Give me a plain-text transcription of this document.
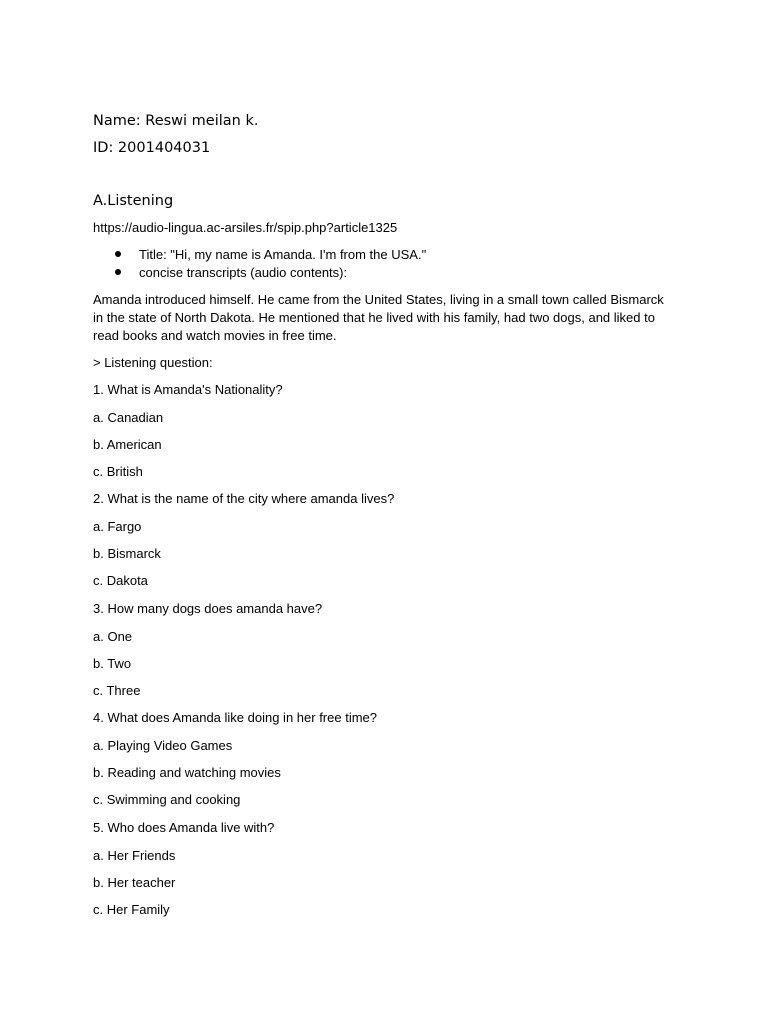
Name: Reswi meilan k.
ID: 2001404031
A.Listening
https://audio-lingua.ac-arsiles.fr/spip.php?article1325
Title: "Hi, my name is Amanda. I'm from the USA."
concise transcripts (audio contents):
Amanda introduced himself. He came from the United States, living in a small town called Bismarck
in the state of North Dakota. He mentioned that he lived with his family, had two dogs, and liked to
read books and watch movies in free time.
> Listening question:
1. What is Amanda's Nationality?
a. Canadian
b. American
c. British
2. What is the name of the city where amanda lives?
a. Fargo
b. Bismarck
c. Dakota
3. How many dogs does amanda have?
a. One
b. Two
c. Three
4. What does Amanda like doing in her free time?
a. Playing Video Games
b. Reading and watching movies
c. Swimming and cooking
5. Who does Amanda live with?
a. Her Friends
b. Her teacher
c. Her Family
